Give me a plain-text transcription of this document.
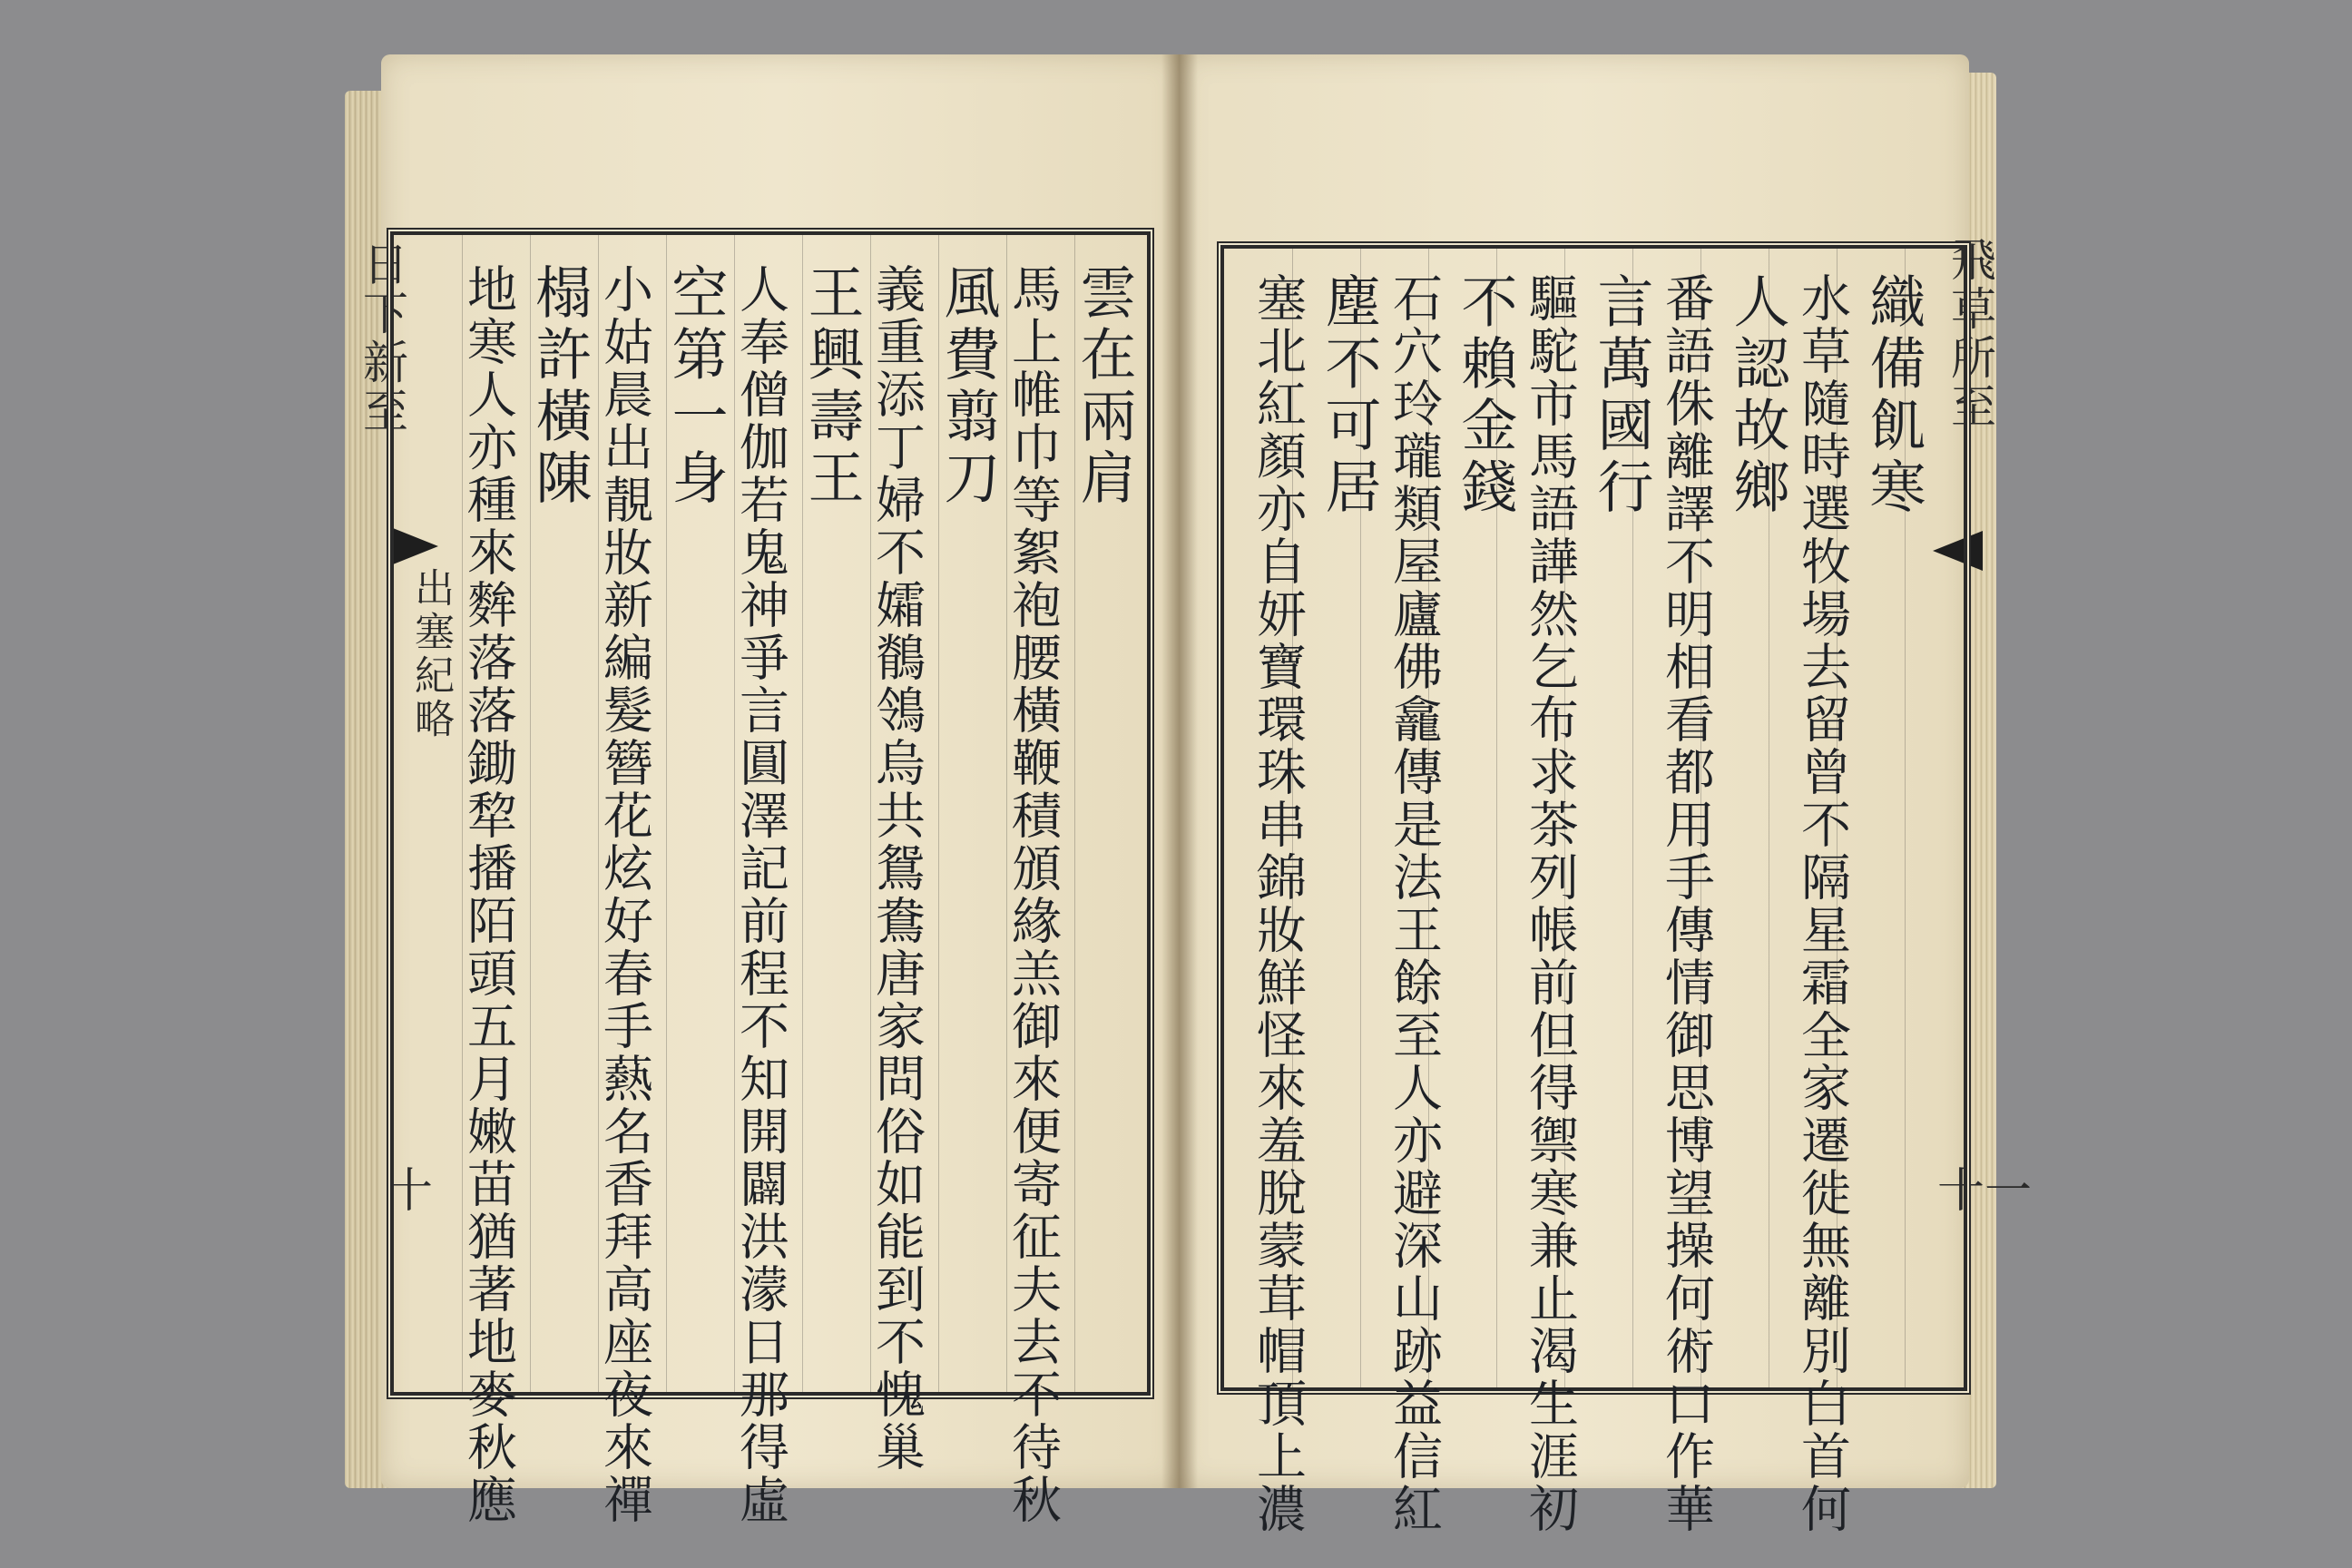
日下新至
出塞紀略
十
雲在兩肩
馬上帷巾等絮袍腰橫鞭積頒緣羔御來便寄征夫去不待秋
風費翦刀
義重添丁婦不孀鶺鴒烏共鴛鴦唐家問俗如能到不愧巢
王興壽王
人奉僧伽若鬼神爭言圓澤記前程不知開闢洪濛日那得虛
空第一身
小姑晨出靚妝新編髮簪花炫好春手爇名香拜高座夜來禪
榻許橫陳
地寒人亦種來麰落落鋤犂播陌頭五月嫩苗猶著地麥秋應	飛草所至
十一
織備飢寒
水草隨時選牧場去留曾不隔星霜全家遷徙無離別白首何
人認故鄉
番語侏離譯不明相看都用手傳情御思博望操何術口作華
言萬國行
驅駝市馬語譁然乞布求茶列帳前但得禦寒兼止渴生涯初
不賴金錢
石穴玲瓏類屋廬佛龕傳是法王餘至人亦避深山跡益信紅
塵不可居
塞北紅顏亦自妍寶環珠串錦妝鮮怪來羞脫蒙茸帽頂上濃
